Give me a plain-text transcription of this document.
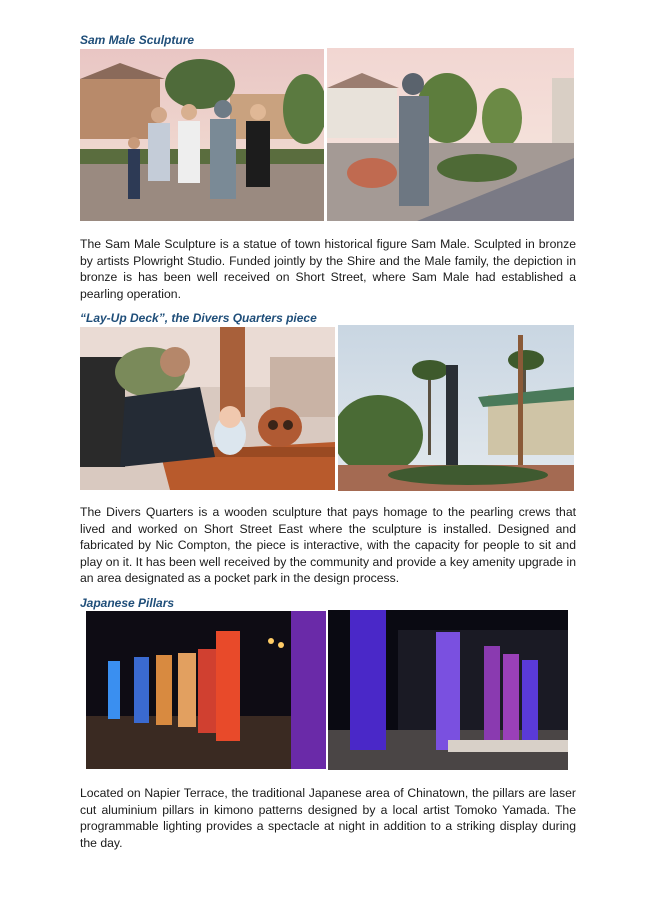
Sam Male Sculpture
The Sam Male Sculpture is a statue of town historical figure Sam Male. Sculpted in bronze by artists Plowright Studio. Funded jointly by the Shire and the Male family, the depiction in bronze is has been well received on Short Street, where Sam Male had established a pearling operation.
“Lay-Up Deck”, the Divers Quarters piece
The Divers Quarters is a wooden sculpture that pays homage to the pearling crews that lived and worked on Short Street East where the sculpture is installed. Designed and fabricated by Nic Compton, the piece is interactive, with the capacity for people to sit and play on it. It has been well received by the community and provide a key amenity upgrade in an area designated as a pocket park in the design process.
Japanese Pillars
Located on Napier Terrace, the traditional Japanese area of Chinatown, the pillars are laser cut aluminium pillars in kimono patterns designed by a local artist Tomoko Yamada. The programmable lighting provides a spectacle at night in addition to a striking display during the day.
